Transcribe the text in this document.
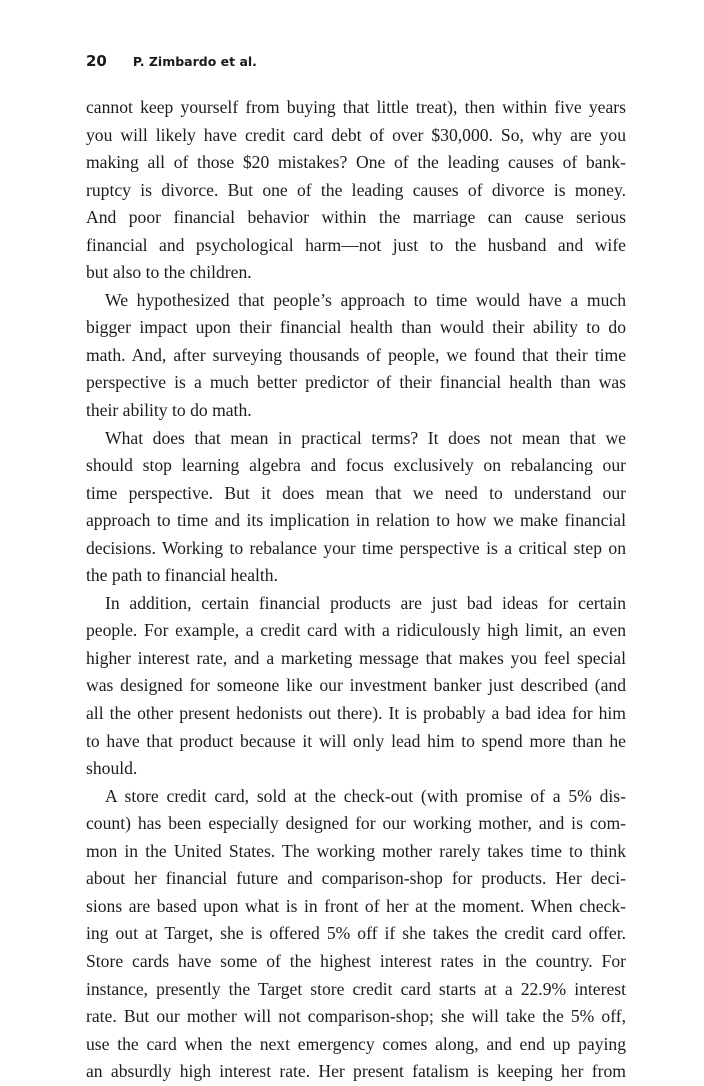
20 P. Zimbardo et al.
cannot keep yourself from buying that little treat), then within five years
you will likely have credit card debt of over $30,000. So, why are you
making all of those $20 mistakes? One of the leading causes of bank-
ruptcy is divorce. But one of the leading causes of divorce is money.
And poor financial behavior within the marriage can cause serious
financial and psychological harm—not just to the husband and wife
but also to the children.
We hypothesized that people’s approach to time would have a much
bigger impact upon their financial health than would their ability to do
math. And, after surveying thousands of people, we found that their time
perspective is a much better predictor of their financial health than was
their ability to do math.
What does that mean in practical terms? It does not mean that we
should stop learning algebra and focus exclusively on rebalancing our
time perspective. But it does mean that we need to understand our
approach to time and its implication in relation to how we make financial
decisions. Working to rebalance your time perspective is a critical step on
the path to financial health.
In addition, certain financial products are just bad ideas for certain
people. For example, a credit card with a ridiculously high limit, an even
higher interest rate, and a marketing message that makes you feel special
was designed for someone like our investment banker just described (and
all the other present hedonists out there). It is probably a bad idea for him
to have that product because it will only lead him to spend more than he
should.
A store credit card, sold at the check-out (with promise of a 5% dis-
count) has been especially designed for our working mother, and is com-
mon in the United States. The working mother rarely takes time to think
about her financial future and comparison-shop for products. Her deci-
sions are based upon what is in front of her at the moment. When check-
ing out at Target, she is offered 5% off if she takes the credit card offer.
Store cards have some of the highest interest rates in the country. For
instance, presently the Target store credit card starts at a 22.9% interest
rate. But our mother will not comparison-shop; she will take the 5% off,
use the card when the next emergency comes along, and end up paying
an absurdly high interest rate. Her present fatalism is keeping her from
